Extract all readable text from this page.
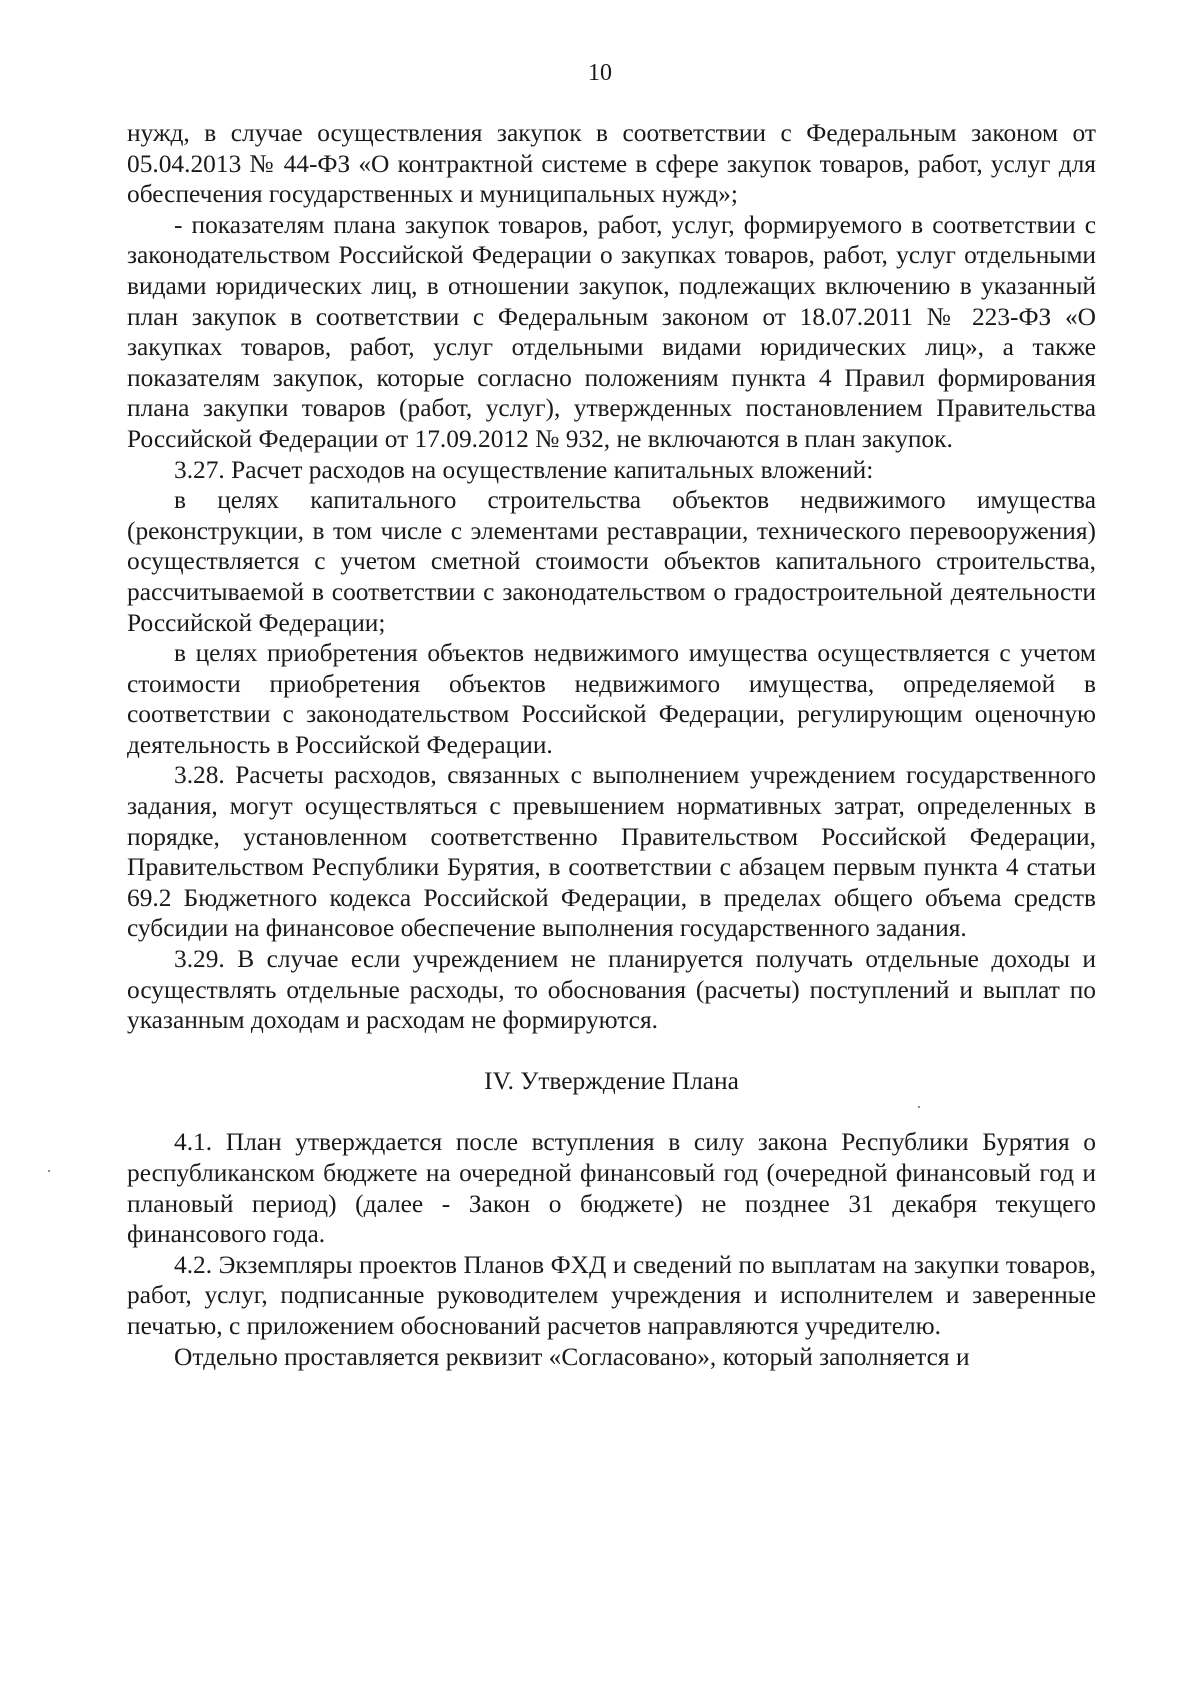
10

нужд, в случае осуществления закупок в соответствии с Федеральным законом от 05.04.2013 № 44-ФЗ «О контрактной системе в сфере закупок товаров, работ, услуг для обеспечения государственных и муниципальных нужд»;

- показателям плана закупок товаров, работ, услуг, формируемого в соответствии с законодательством Российской Федерации о закупках товаров, работ, услуг отдельными видами юридических лиц, в отношении закупок, подлежащих включению в указанный план закупок в соответствии с Федеральным законом от 18.07.2011 № 223-ФЗ «О закупках товаров, работ, услуг отдельными видами юридических лиц», а также показателям закупок, которые согласно положениям пункта 4 Правил формирования плана закупки товаров (работ, услуг), утвержденных постановлением Правительства Российской Федерации от 17.09.2012 № 932, не включаются в план закупок.

3.27. Расчет расходов на осуществление капитальных вложений:

в целях капитального строительства объектов недвижимого имущества (реконструкции, в том числе с элементами реставрации, технического перевооружения) осуществляется с учетом сметной стоимости объектов капитального строительства, рассчитываемой в соответствии с законодательством о градостроительной деятельности Российской Федерации;

в целях приобретения объектов недвижимого имущества осуществляется с учетом стоимости приобретения объектов недвижимого имущества, определяемой в соответствии с законодательством Российской Федерации, регулирующим оценочную деятельность в Российской Федерации.

3.28. Расчеты расходов, связанных с выполнением учреждением государственного задания, могут осуществляться с превышением нормативных затрат, определенных в порядке, установленном соответственно Правительством Российской Федерации, Правительством Республики Бурятия, в соответствии с абзацем первым пункта 4 статьи 69.2 Бюджетного кодекса Российской Федерации, в пределах общего объема средств субсидии на финансовое обеспечение выполнения государственного задания.

3.29. В случае если учреждением не планируется получать отдельные доходы и осуществлять отдельные расходы, то обоснования (расчеты) поступлений и выплат по указанным доходам и расходам не формируются.

IV. Утверждение Плана

4.1. План утверждается после вступления в силу закона Республики Бурятия о республиканском бюджете на очередной финансовый год (очередной финансовый год и плановый период) (далее - Закон о бюджете) не позднее 31 декабря текущего финансового года.

4.2. Экземпляры проектов Планов ФХД и сведений по выплатам на закупки товаров, работ, услуг, подписанные руководителем учреждения и исполнителем и заверенные печатью, с приложением обоснований расчетов направляются учредителю.

Отдельно проставляется реквизит «Согласовано», который заполняется и
